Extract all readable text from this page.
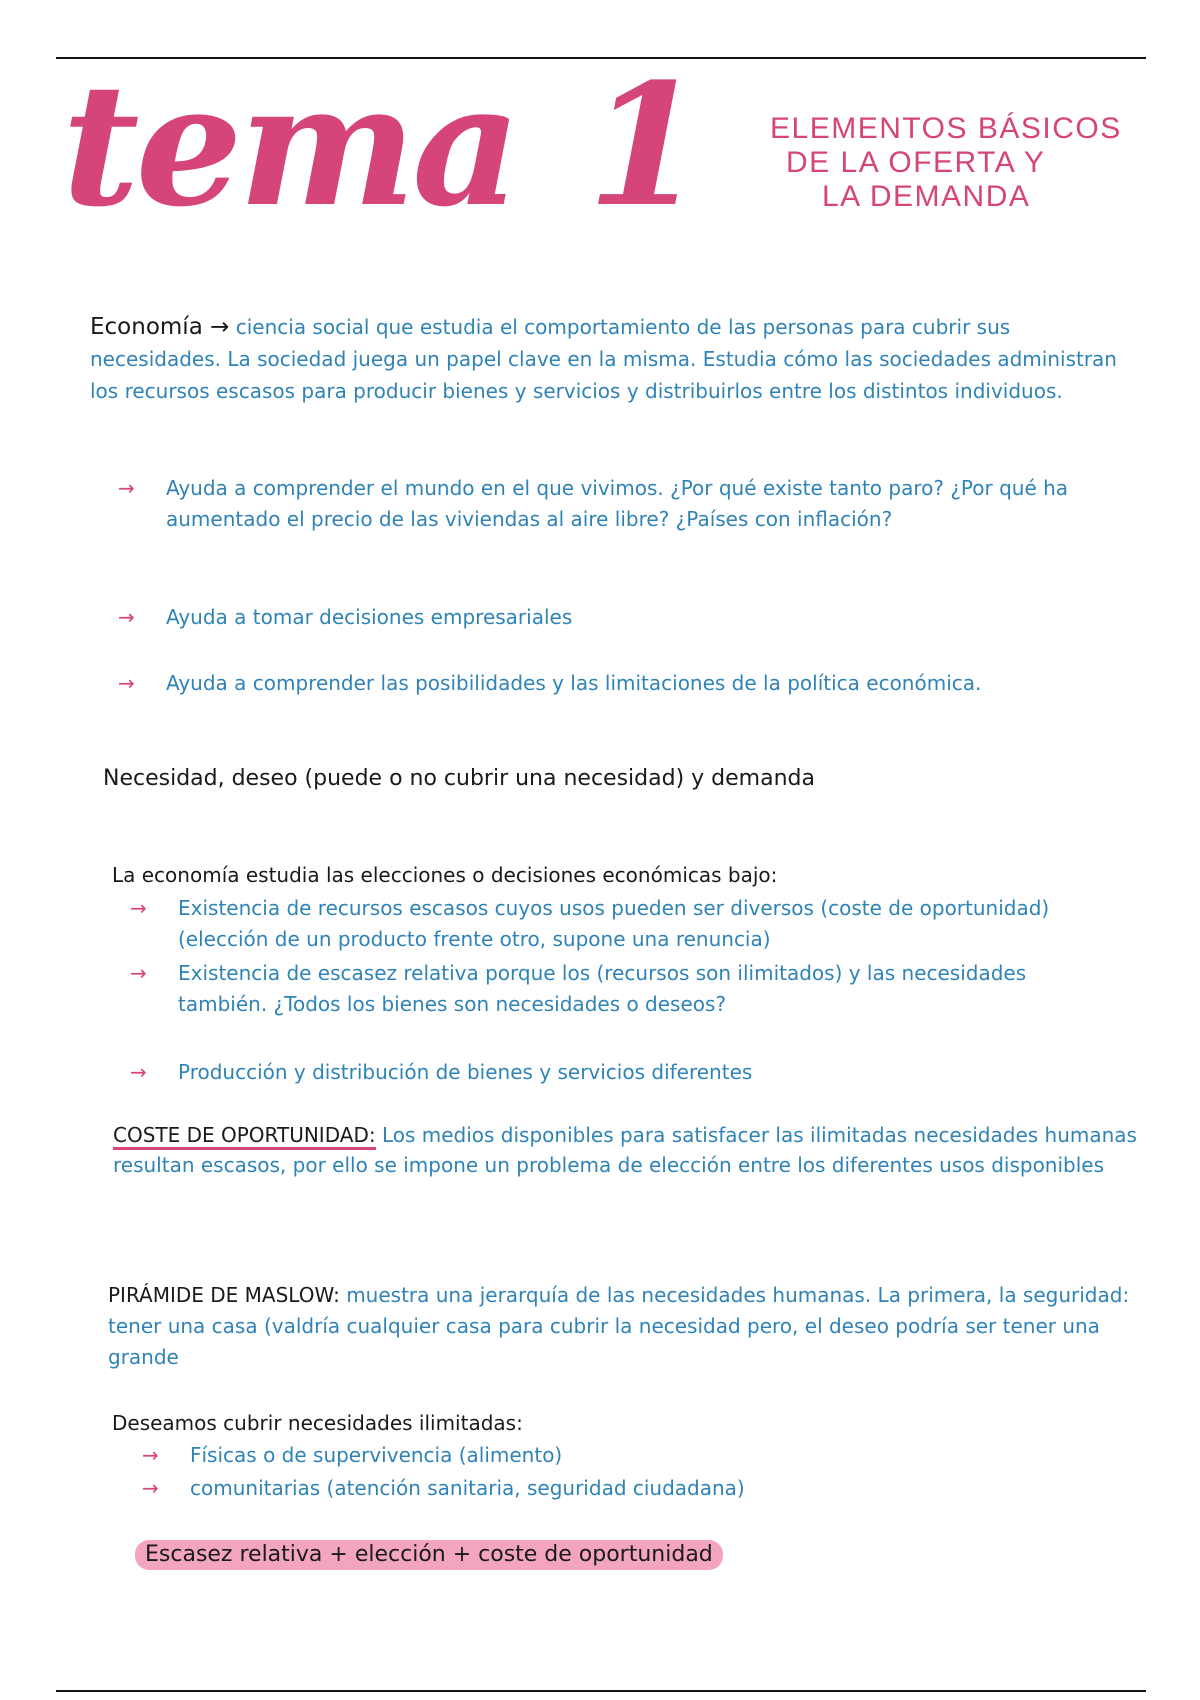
tema 1 ELEMENTOS BÁSICOS
DE LA OFERTA Y
LA DEMANDA
Economía → ciencia social que estudia el comportamiento de las personas para cubrir sus necesidades. La sociedad juega un papel clave en la misma. Estudia cómo las sociedades administran los recursos escasos para producir bienes y servicios y distribuirlos entre los distintos individuos.
→	Ayuda a comprender el mundo en el que vivimos. ¿Por qué existe tanto paro? ¿Por qué ha aumentado el precio de las viviendas al aire libre? ¿Países con inflación?
→	Ayuda a tomar decisiones empresariales
→	Ayuda a comprender las posibilidades y las limitaciones de la política económica.
Necesidad, deseo (puede o no cubrir una necesidad) y demanda
La economía estudia las elecciones o decisiones económicas bajo:
→	Existencia de recursos escasos cuyos usos pueden ser diversos (coste de oportunidad) (elección de un producto frente otro, supone una renuncia)
→	Existencia de escasez relativa porque los (recursos son ilimitados) y las necesidades también. ¿Todos los bienes son necesidades o deseos?
→	Producción y distribución de bienes y servicios diferentes
COSTE DE OPORTUNIDAD: Los medios disponibles para satisfacer las ilimitadas necesidades humanas resultan escasos, por ello se impone un problema de elección entre los diferentes usos disponibles
PIRÁMIDE DE MASLOW: muestra una jerarquía de las necesidades humanas. La primera, la seguridad: tener una casa (valdría cualquier casa para cubrir la necesidad pero, el deseo podría ser tener una grande
Deseamos cubrir necesidades ilimitadas:
→	Físicas o de supervivencia (alimento)
→	comunitarias (atención sanitaria, seguridad ciudadana)
Escasez relativa + elección + coste de oportunidad
